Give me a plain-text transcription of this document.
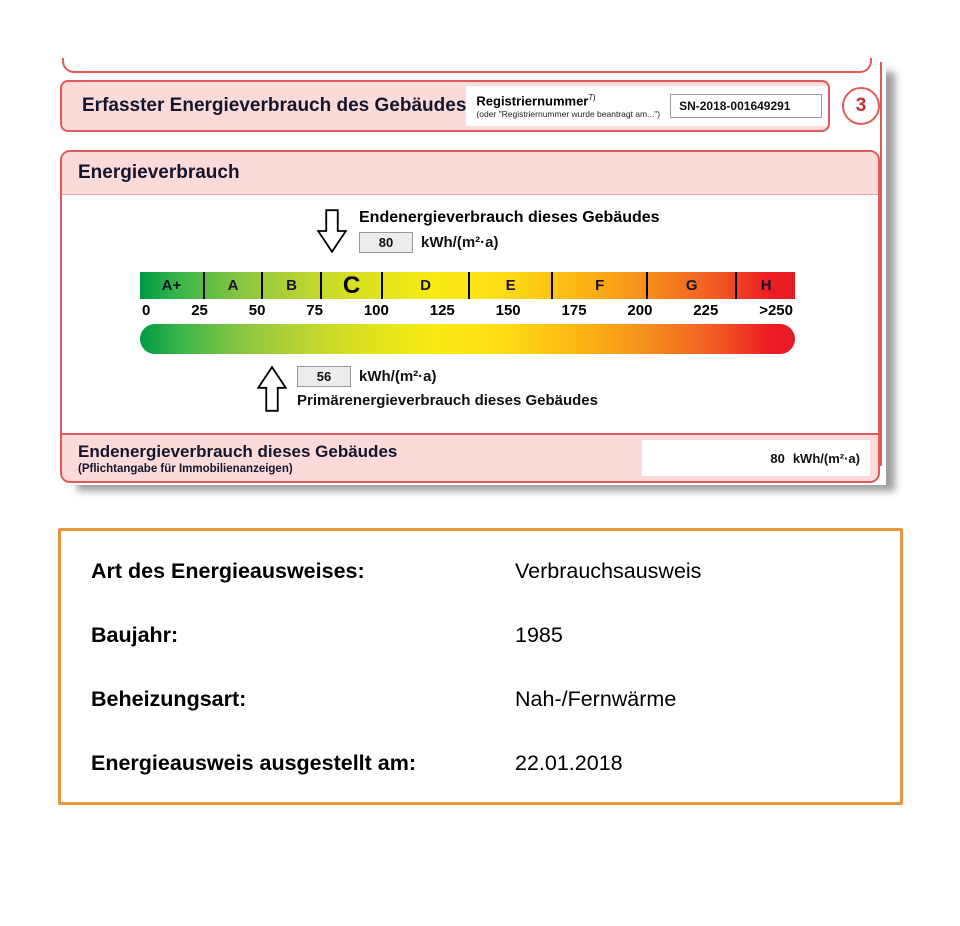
Erfasster Energieverbrauch des Gebäudes Registriernummer$^{7)}$
(oder "Registriernummer wurde beantragt am...")
SN-2018-001649291	3
Energieverbrauch
Endenergieverbrauch dieses Gebäudes
80	kWh/(m²·a)
A+	A	B	C	D	E	F	G	H
0	25	50	75	100	125	150	175	200	225	>250
56	kWh/(m²·a)
Primärenergieverbrauch dieses Gebäudes
Endenergieverbrauch dieses Gebäudes
(Pflichtangabe für Immobilienanzeigen)
80 kWh/(m²·a)
Art des Energieausweises:	Verbrauchsausweis
Baujahr:	1985
Beheizungsart:	Nah-/Fernwärme
Energieausweis ausgestellt am:	22.01.2018
